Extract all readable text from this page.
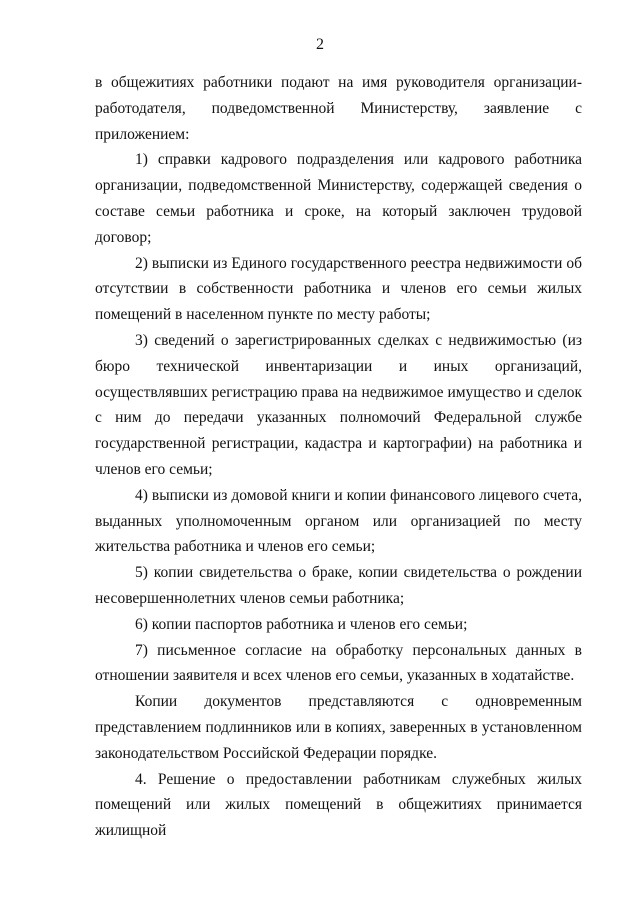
2

в общежитиях работники подают на имя руководителя организации-работодателя, подведомственной Министерству, заявление с приложением:

1) справки кадрового подразделения или кадрового работника организации, подведомственной Министерству, содержащей сведения о составе семьи работника и сроке, на который заключен трудовой договор;

2) выписки из Единого государственного реестра недвижимости об отсутствии в собственности работника и членов его семьи жилых помещений в населенном пункте по месту работы;

3) сведений о зарегистрированных сделках с недвижимостью (из бюро технической инвентаризации и иных организаций, осуществлявших регистрацию права на недвижимое имущество и сделок с ним до передачи указанных полномочий Федеральной службе государственной регистрации, кадастра и картографии) на работника и членов его семьи;

4) выписки из домовой книги и копии финансового лицевого счета, выданных уполномоченным органом или организацией по месту жительства работника и членов его семьи;

5) копии свидетельства о браке, копии свидетельства о рождении несовершеннолетних членов семьи работника;

6) копии паспортов работника и членов его семьи;

7) письменное согласие на обработку персональных данных в отношении заявителя и всех членов его семьи, указанных в ходатайстве.

Копии документов представляются с одновременным представлением подлинников или в копиях, заверенных в установленном законодательством Российской Федерации порядке.

4. Решение о предоставлении работникам служебных жилых помещений или жилых помещений в общежитиях принимается жилищной
